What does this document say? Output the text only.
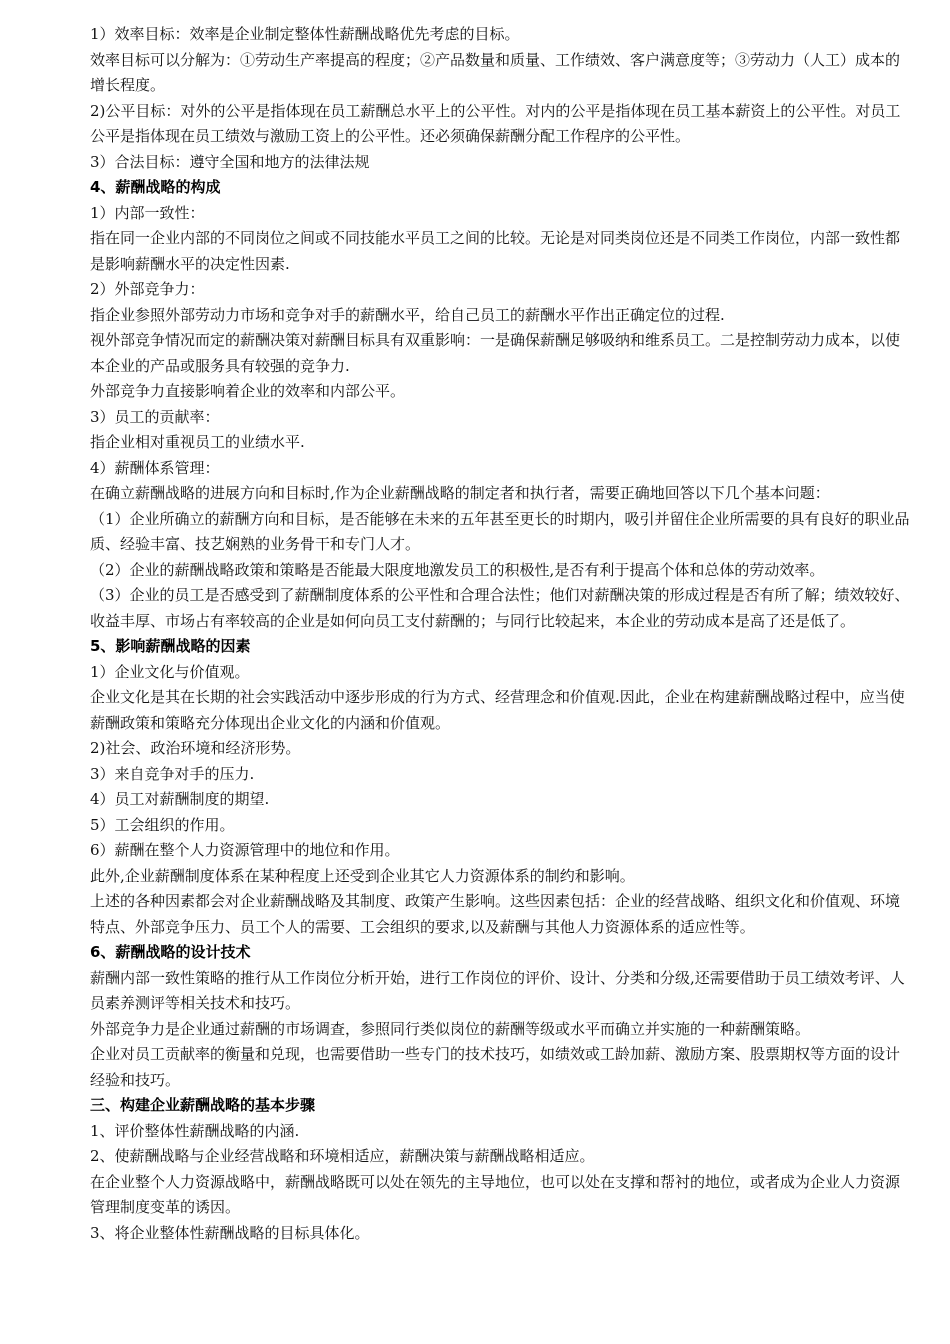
1）效率目标：效率是企业制定整体性薪酬战略优先考虑的目标。
效率目标可以分解为：①劳动生产率提高的程度；②产品数量和质量、工作绩效、客户满意度等；③劳动力（人工）成本的增长程度。
2)公平目标：对外的公平是指体现在员工薪酬总水平上的公平性。对内的公平是指体现在员工基本薪资上的公平性。对员工公平是指体现在员工绩效与激励工资上的公平性。还必须确保薪酬分配工作程序的公平性。
3）合法目标：遵守全国和地方的法律法规
4、薪酬战略的构成
1）内部一致性：
指在同一企业内部的不同岗位之间或不同技能水平员工之间的比较。无论是对同类岗位还是不同类工作岗位，内部一致性都是影响薪酬水平的决定性因素.
2）外部竞争力：
指企业参照外部劳动力市场和竞争对手的薪酬水平，给自己员工的薪酬水平作出正确定位的过程.
视外部竞争情况而定的薪酬决策对薪酬目标具有双重影响：一是确保薪酬足够吸纳和维系员工。二是控制劳动力成本，以使本企业的产品或服务具有较强的竞争力.
外部竞争力直接影响着企业的效率和内部公平。
3）员工的贡献率：
指企业相对重视员工的业绩水平.
4）薪酬体系管理：
在确立薪酬战略的进展方向和目标时,作为企业薪酬战略的制定者和执行者，需要正确地回答以下几个基本问题：
（1）企业所确立的薪酬方向和目标，是否能够在未来的五年甚至更长的时期内，吸引并留住企业所需要的具有良好的职业品质、经验丰富、技艺娴熟的业务骨干和专门人才。
（2）企业的薪酬战略政策和策略是否能最大限度地激发员工的积极性,是否有利于提高个体和总体的劳动效率。
（3）企业的员工是否感受到了薪酬制度体系的公平性和合理合法性；他们对薪酬决策的形成过程是否有所了解；绩效较好、收益丰厚、市场占有率较高的企业是如何向员工支付薪酬的；与同行比较起来，本企业的劳动成本是高了还是低了。
5、影响薪酬战略的因素
1）企业文化与价值观。
企业文化是其在长期的社会实践活动中逐步形成的行为方式、经营理念和价值观.因此，企业在构建薪酬战略过程中，应当使薪酬政策和策略充分体现出企业文化的内涵和价值观。
2)社会、政治环境和经济形势。
3）来自竞争对手的压力.
4）员工对薪酬制度的期望.
5）工会组织的作用。
6）薪酬在整个人力资源管理中的地位和作用。
此外,企业薪酬制度体系在某种程度上还受到企业其它人力资源体系的制约和影响。
上述的各种因素都会对企业薪酬战略及其制度、政策产生影响。这些因素包括：企业的经营战略、组织文化和价值观、环境特点、外部竞争压力、员工个人的需要、工会组织的要求,以及薪酬与其他人力资源体系的适应性等。
6、薪酬战略的设计技术
薪酬内部一致性策略的推行从工作岗位分析开始，进行工作岗位的评价、设计、分类和分级,还需要借助于员工绩效考评、人员素养测评等相关技术和技巧。
外部竞争力是企业通过薪酬的市场调查，参照同行类似岗位的薪酬等级或水平而确立并实施的一种薪酬策略。
企业对员工贡献率的衡量和兑现，也需要借助一些专门的技术技巧，如绩效或工龄加薪、激励方案、股票期权等方面的设计经验和技巧。
三、构建企业薪酬战略的基本步骤
1、评价整体性薪酬战略的内涵.
2、使薪酬战略与企业经营战略和环境相适应，薪酬决策与薪酬战略相适应。
在企业整个人力资源战略中，薪酬战略既可以处在领先的主导地位，也可以处在支撑和帮衬的地位，或者成为企业人力资源管理制度变革的诱因。
3、将企业整体性薪酬战略的目标具体化。
